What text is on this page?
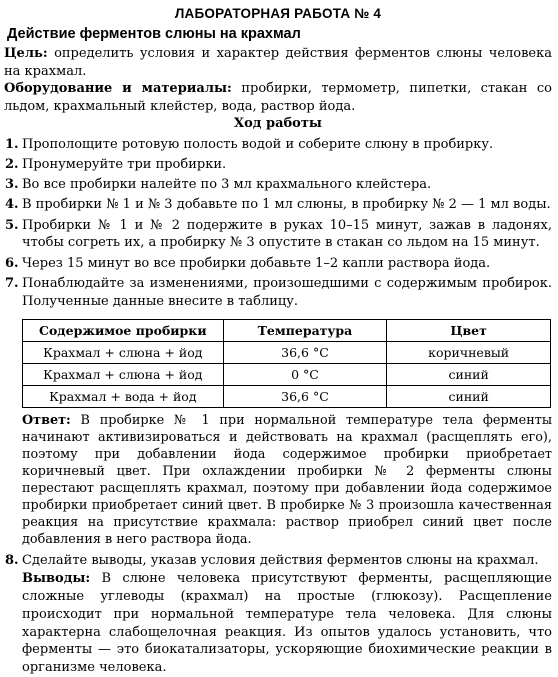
ЛАБОРАТОРНАЯ РАБОТА № 4
Действие ферментов слюны на крахмал
Цель: определить условия и характер действия ферментов слюны человека на крахмал.
Оборудование и материалы: пробирки, термометр, пипетки, стакан со льдом, крахмальный клейстер, вода, раствор йода.
Ход работы
1. Прополощите ротовую полость водой и соберите слюну в пробирку.
2. Пронумеруйте три пробирки.
3. Во все пробирки налейте по 3 мл крахмального клейстера.
4. В пробирки № 1 и № 3 добавьте по 1 мл слюны, в пробирку № 2 — 1 мл воды.
5. Пробирки № 1 и № 2 подержите в руках 10–15 минут, зажав в ладонях, чтобы согреть их, а пробирку № 3 опустите в стакан со льдом на 15 минут.
6. Через 15 минут во все пробирки добавьте 1–2 капли раствора йода.
7. Понаблюдайте за изменениями, произошедшими с содержимым пробирок. Полученные данные внесите в таблицу.
Содержимое пробирки	Температура	Цвет
Крахмал + слюна + йод	36,6 °C	коричневый
Крахмал + слюна + йод	0 °C	синий
Крахмал + вода + йод	36,6 °C	синий
Ответ: В пробирке № 1 при нормальной температуре тела ферменты начинают активизироваться и действовать на крахмал (расщеплять его), поэтому при добавлении йода содержимое пробирки приобретает коричневый цвет. При охлаждении пробирки № 2 ферменты слюны перестают расщеплять крахмал, поэтому при добавлении йода содержимое пробирки приобретает синий цвет. В пробирке № 3 произошла качественная реакция на присутствие крахмала: раствор приобрел синий цвет после добавления в него раствора йода.
8. Сделайте выводы, указав условия действия ферментов слюны на крахмал.
Выводы: В слюне человека присутствуют ферменты, расщепляющие сложные углеводы (крахмал) на простые (глюкозу). Расщепление происходит при нормальной температуре тела человека. Для слюны характерна слабощелочная реакция. Из опытов удалось установить, что ферменты — это биокатализаторы, ускоряющие биохимические реакции в организме человека.
